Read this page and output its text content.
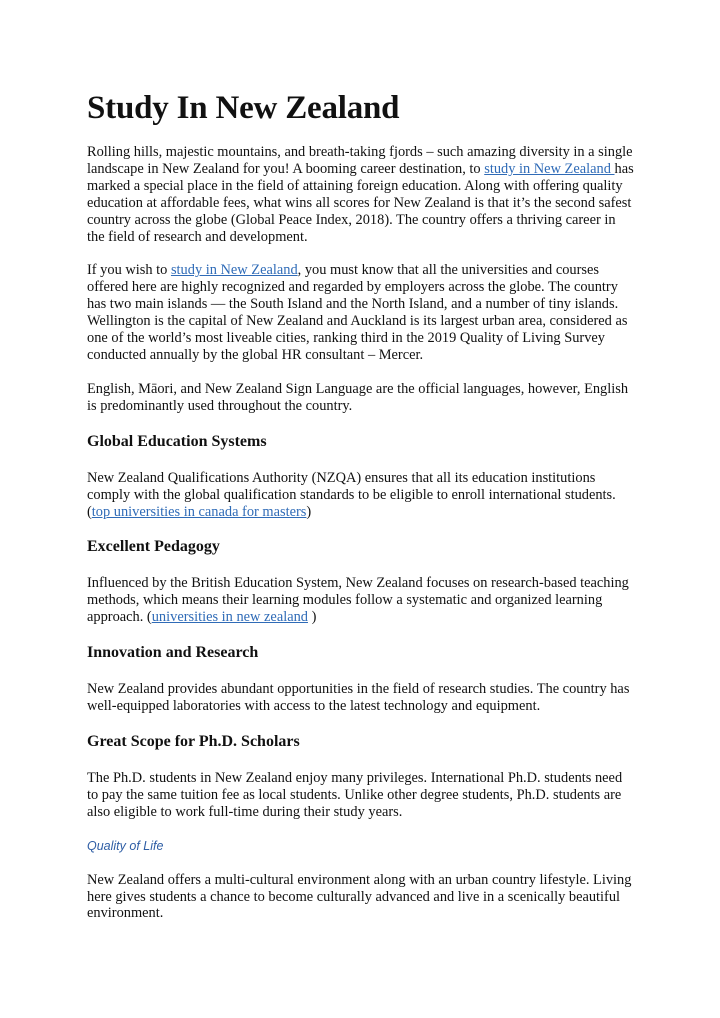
Study In New Zealand

Rolling hills, majestic mountains, and breath-taking fjords – such amazing diversity in a single landscape in New Zealand for you! A booming career destination, to study in New Zealand has marked a special place in the field of attaining foreign education. Along with offering quality education at affordable fees, what wins all scores for New Zealand is that it’s the second safest country across the globe (Global Peace Index, 2018). The country offers a thriving career in the field of research and development.

If you wish to study in New Zealand, you must know that all the universities and courses offered here are highly recognized and regarded by employers across the globe. The country has two main islands — the South Island and the North Island, and a number of tiny islands. Wellington is the capital of New Zealand and Auckland is its largest urban area, considered as one of the world’s most liveable cities, ranking third in the 2019 Quality of Living Survey conducted annually by the global HR consultant – Mercer.

English, Māori, and New Zealand Sign Language are the official languages, however, English is predominantly used throughout the country.

Global Education Systems

New Zealand Qualifications Authority (NZQA) ensures that all its education institutions comply with the global qualification standards to be eligible to enroll international students. (top universities in canada for masters)

Excellent Pedagogy

Influenced by the British Education System, New Zealand focuses on research-based teaching methods, which means their learning modules follow a systematic and organized learning approach. (universities in new zealand )

Innovation and Research

New Zealand provides abundant opportunities in the field of research studies. The country has well-equipped laboratories with access to the latest technology and equipment.

Great Scope for Ph.D. Scholars

The Ph.D. students in New Zealand enjoy many privileges. International Ph.D. students need to pay the same tuition fee as local students. Unlike other degree students, Ph.D. students are also eligible to work full-time during their study years.

Quality of Life

New Zealand offers a multi-cultural environment along with an urban country lifestyle. Living here gives students a chance to become culturally advanced and live in a scenically beautiful environment.
